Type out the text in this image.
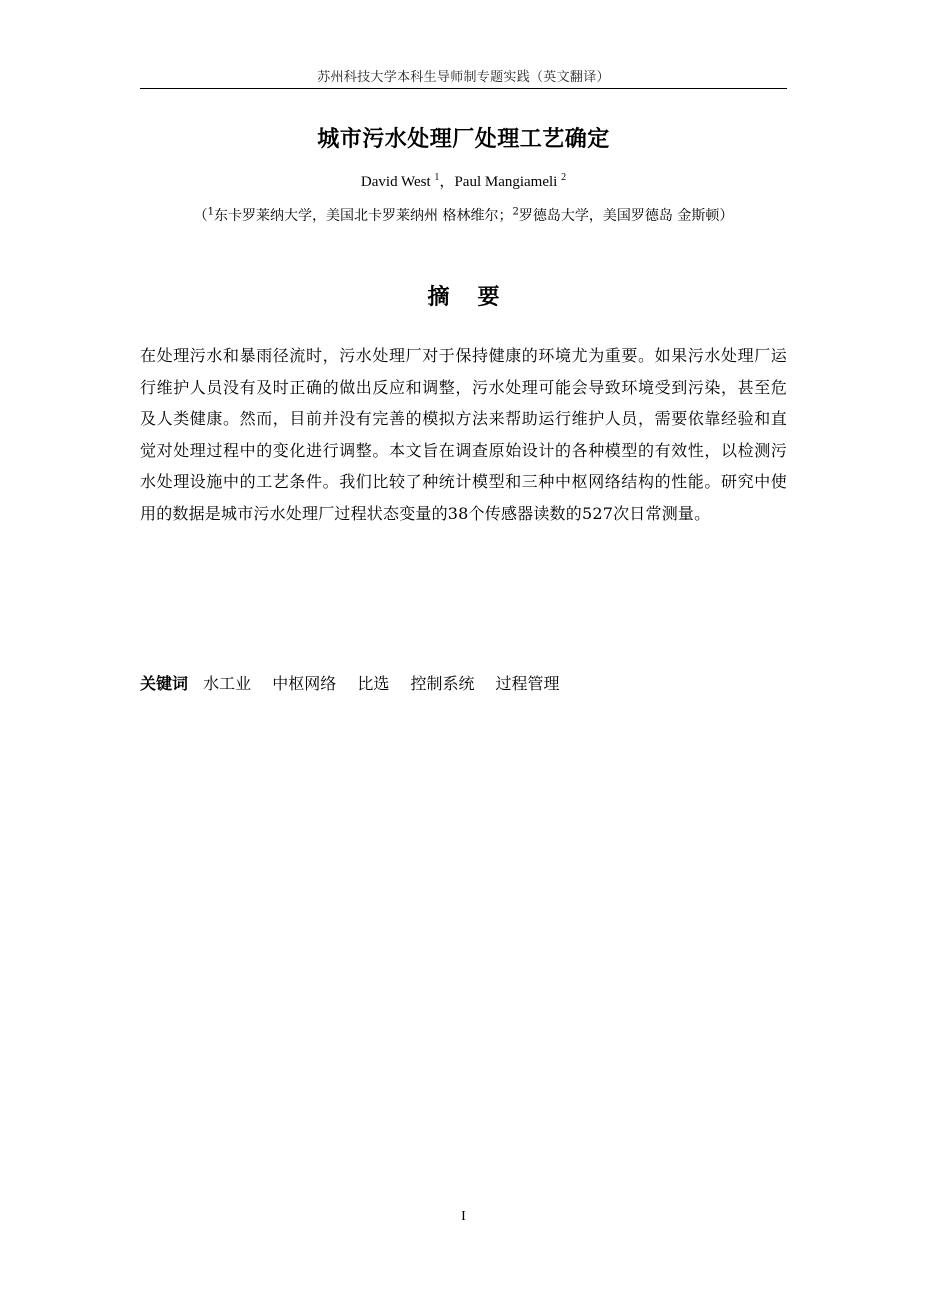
苏州科技大学本科生导师制专题实践（英文翻译）
城市污水处理厂处理工艺确定
David West $^1$，Paul Mangiameli $^2$
（$^1$东卡罗莱纳大学，美国北卡罗莱纳州 格林维尔；$^2$罗德岛大学，美国罗德岛 金斯顿）
摘要
在处理污水和暴雨径流时，污水处理厂对于保持健康的环境尤为重要。如果污水处理厂运行维护人员没有及时正确的做出反应和调整，污水处理可能会导致环境受到污染，甚至危及人类健康。然而，目前并没有完善的模拟方法来帮助运行维护人员，需要依靠经验和直觉对处理过程中的变化进行调整。本文旨在调查原始设计的各种模型的有效性，以检测污水处理设施中的工艺条件。我们比较了种统计模型和三种中枢网络结构的性能。研究中使用的数据是城市污水处理厂过程状态变量的38个传感器读数的527次日常测量。
关键词 水工业 中枢网络 比选 控制系统 过程管理
I
